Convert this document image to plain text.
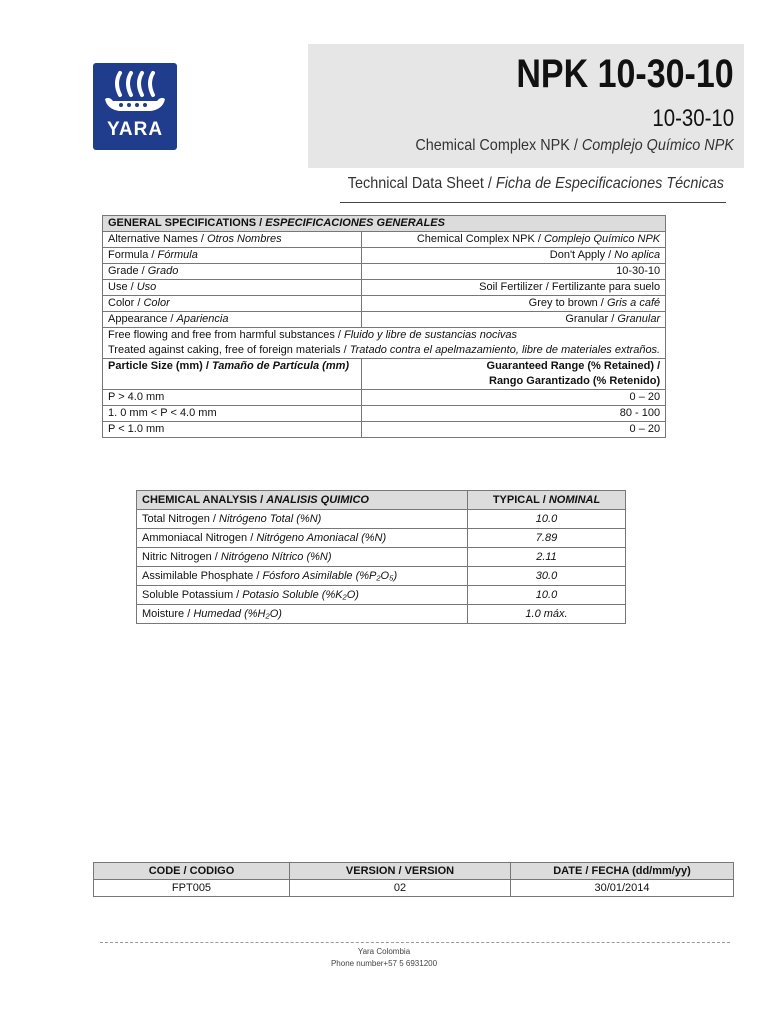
YARA
NPK 10-30-10
10-30-10
Chemical Complex NPK / Complejo Químico NPK
Technical Data Sheet / Ficha de Especificaciones Técnicas
GENERAL SPECIFICATIONS / ESPECIFICACIONES GENERALES	
Alternative Names / Otros Nombres	Chemical Complex NPK / Complejo Químico NPK
Formula / Fórmula	Don't Apply / No aplica
Grade / Grado	10-30-10
Use / Uso	Soil Fertilizer / Fertilizante para suelo
Color / Color	Grey to brown / Gris a café
Appearance / Apariencia	Granular / Granular
Free flowing and free from harmful substances / Fluido y libre de sustancias nocivas	
Treated against caking, free of foreign materials / Tratado contra el apelmazamiento, libre de materiales extraños.	
Particle Size (mm) / Tamaño de Partícula (mm)	Guaranteed Range (% Retained) /
Rango Garantizado (% Retenido)

P > 4.0 mm	0 – 20
1. 0 mm < P < 4.0 mm	80 - 100
P < 1.0 mm	0 – 20
CHEMICAL ANALYSIS / ANALISIS QUIMICO	TYPICAL / NOMINAL
Total Nitrogen / Nitrógeno Total (%N)	10.0
Ammoniacal Nitrogen / Nitrógeno Amoniacal (%N)	7.89
Nitric Nitrogen / Nitrógeno Nítrico (%N)	2.11
Assimilable Phosphate / Fósforo Asimilable (%P₂O₅)	30.0
Soluble Potassium / Potasio Soluble (%K₂O)	10.0
Moisture / Humedad (%H₂O)	1.0 máx.
CODE / CODIGO	VERSION / VERSION	DATE / FECHA (dd/mm/yy)
FPT005	02	30/01/2014
Yara Colombia
Phone number+57 5 6931200
